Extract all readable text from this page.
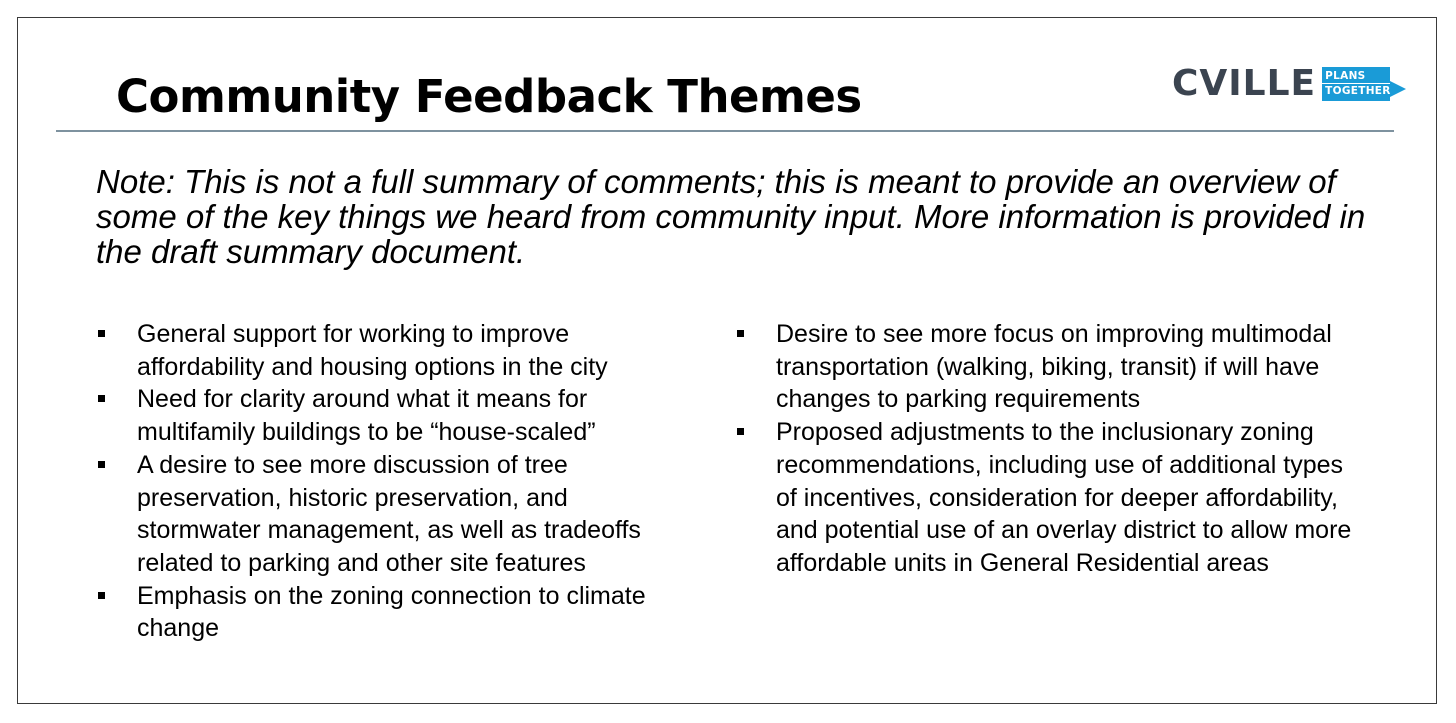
Community Feedback Themes	CVILLE PLANS
TOGETHER

Note: This is not a full summary of comments; this is meant to provide an overview of some of the key things we heard from community input. More information is provided in the draft summary document.

General support for working to improve affordability and housing options in the city
Need for clarity around what it means for multifamily buildings to be “house-scaled”
A desire to see more discussion of tree preservation, historic preservation, and stormwater management, as well as tradeoffs related to parking and other site features
Emphasis on the zoning connection to climate change
Desire to see more focus on improving multimodal transportation (walking, biking, transit) if will have changes to parking requirements
Proposed adjustments to the inclusionary zoning recommendations, including use of additional types of incentives, consideration for deeper affordability, and potential use of an overlay district to allow more affordable units in General Residential areas
